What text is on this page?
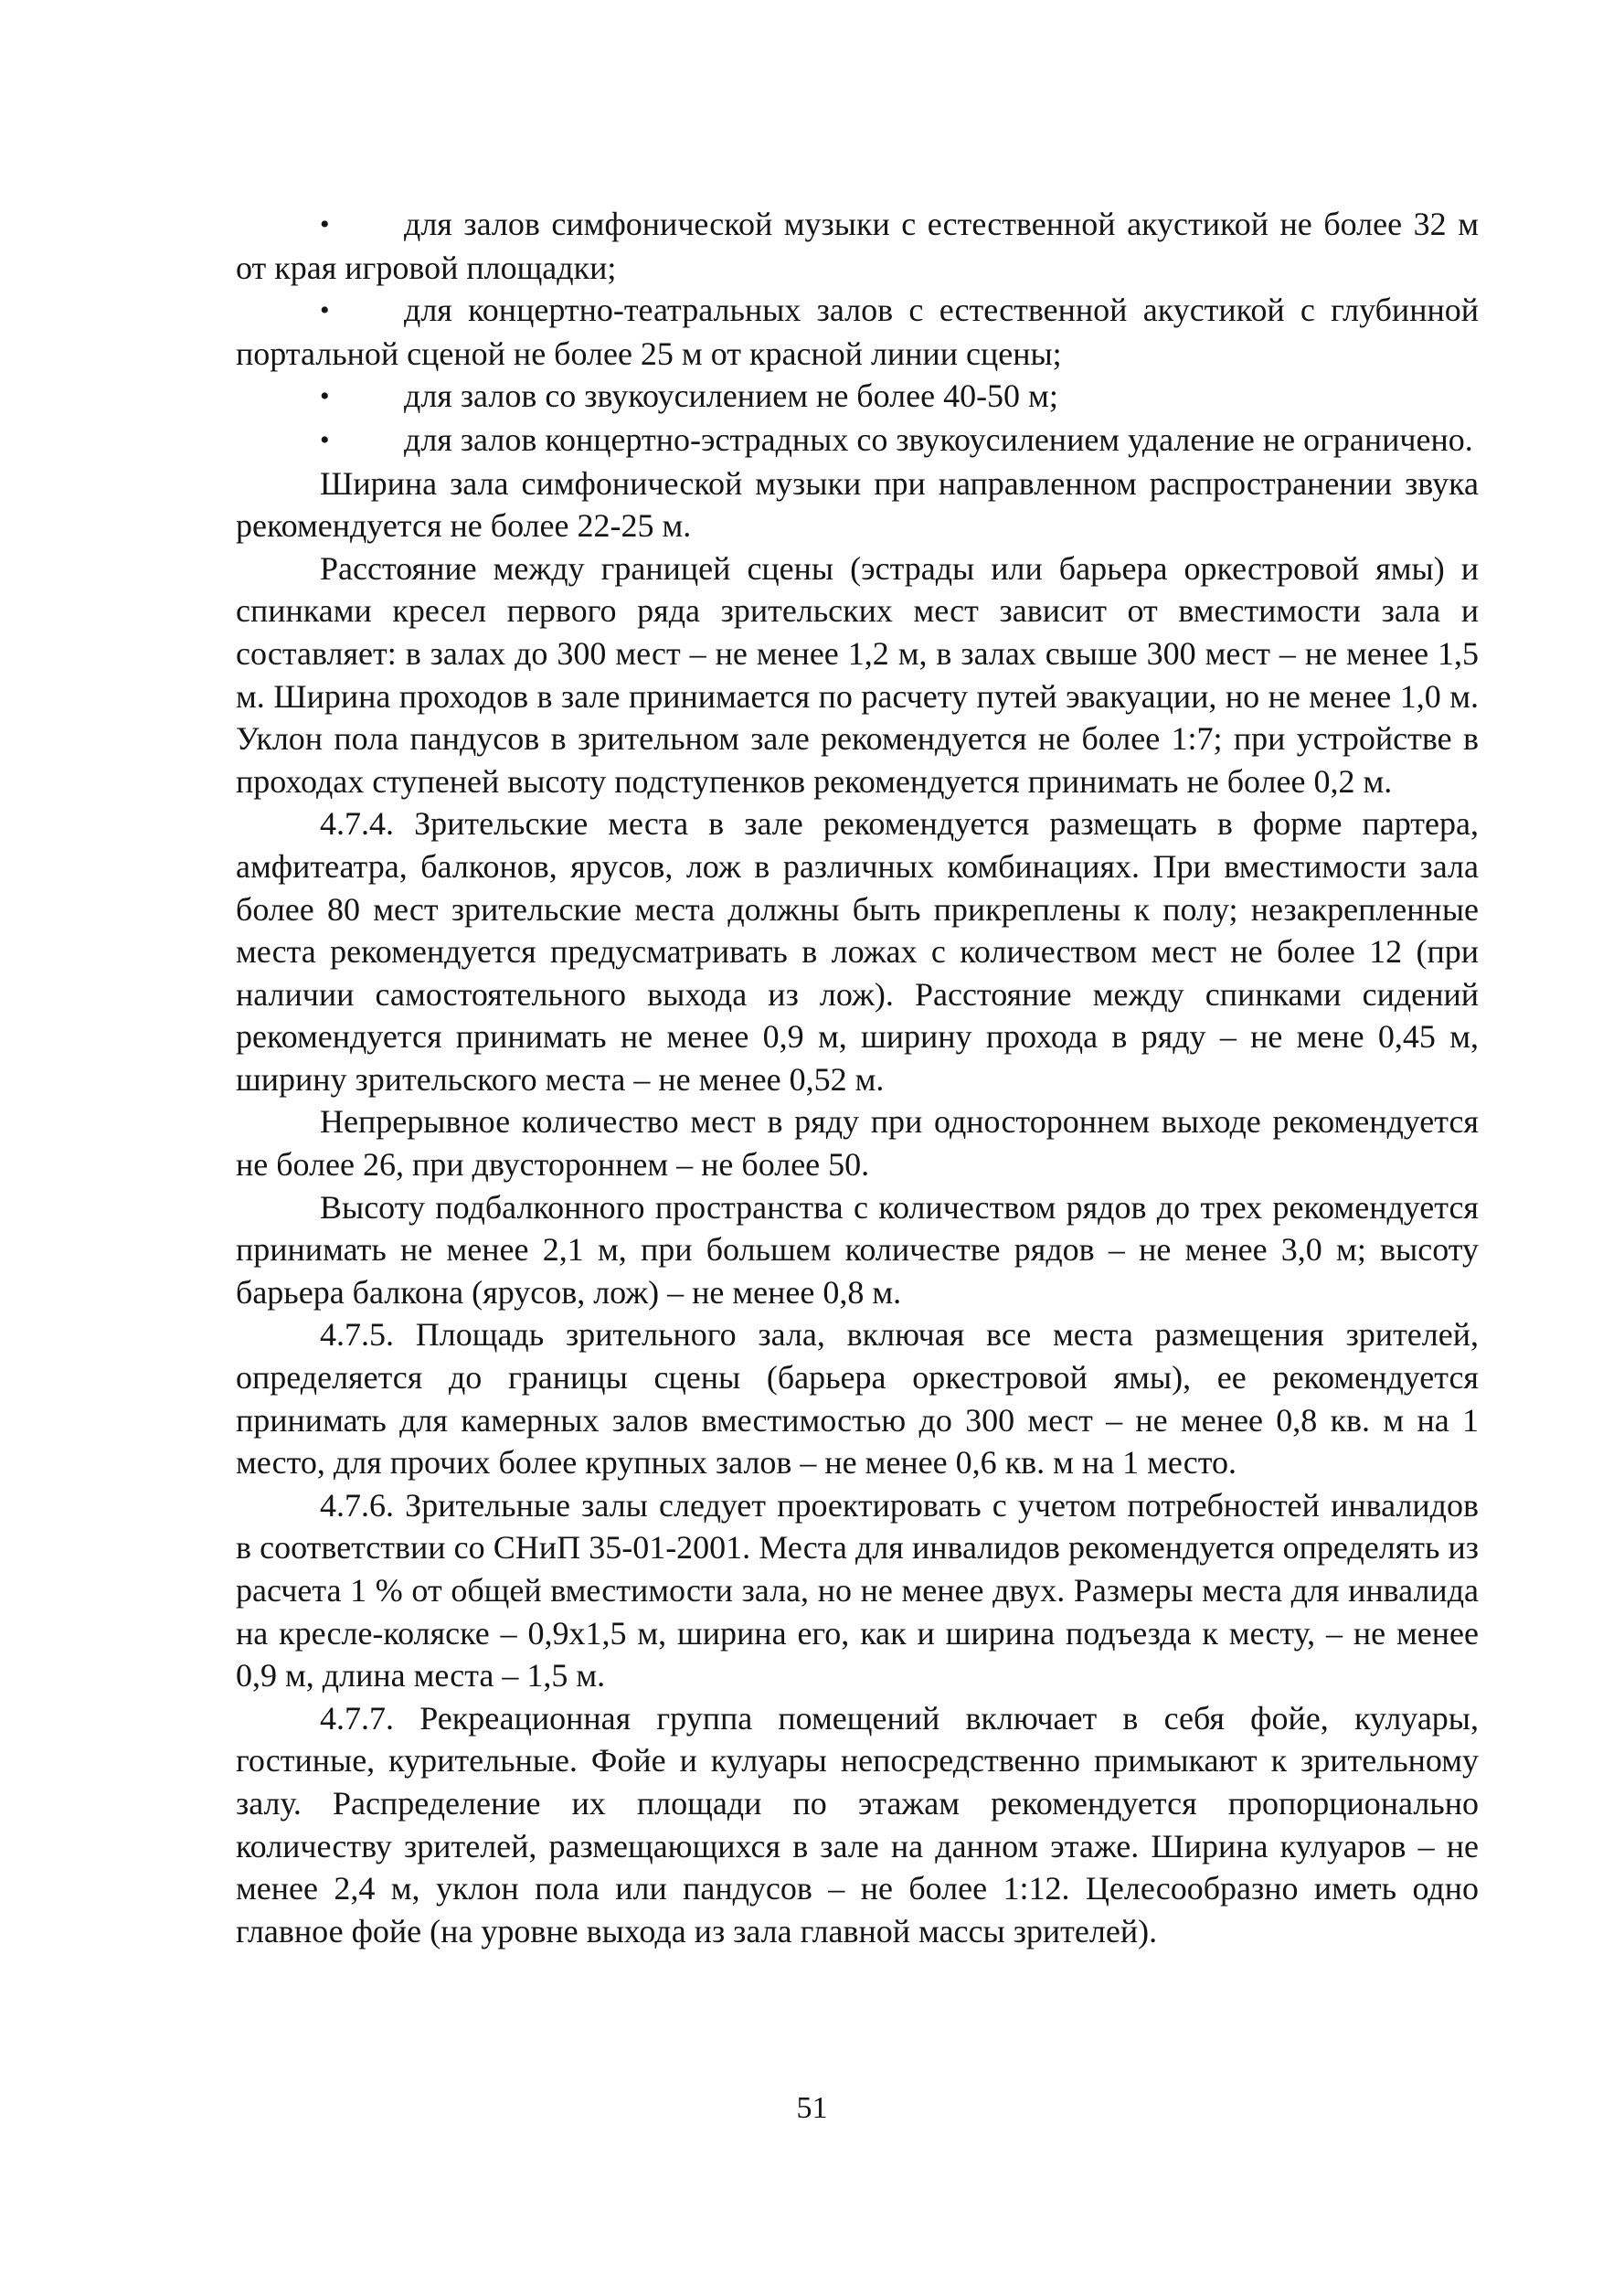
• для залов симфонической музыки с естественной акустикой не более 32 м от края игровой площадки;

• для концертно-театральных залов с естественной акустикой с глубинной портальной сценой не более 25 м от красной линии сцены;

• для залов со звукоусилением не более 40-50 м;

• для залов концертно-эстрадных со звукоусилением удаление не ограничено.

Ширина зала симфонической музыки при направленном распространении звука рекомендуется не более 22-25 м.

Расстояние между границей сцены (эстрады или барьера оркестровой ямы) и спинками кресел первого ряда зрительских мест зависит от вместимости зала и составляет: в залах до 300 мест – не менее 1,2 м, в залах свыше 300 мест – не менее 1,5 м. Ширина проходов в зале принимается по расчету путей эвакуации, но не менее 1,0 м. Уклон пола пандусов в зрительном зале рекомендуется не более 1:7; при устройстве в проходах ступеней высоту подступенков рекомендуется принимать не более 0,2 м.

4.7.4. Зрительские места в зале рекомендуется размещать в форме партера, амфитеатра, балконов, ярусов, лож в различных комбинациях. При вместимости зала более 80 мест зрительские места должны быть прикреплены к полу; незакрепленные места рекомендуется предусматривать в ложах с количеством мест не более 12 (при наличии самостоятельного выхода из лож). Расстояние между спинками сидений рекомендуется принимать не менее 0,9 м, ширину прохода в ряду – не мене 0,45 м, ширину зрительского места – не менее 0,52 м.

Непрерывное количество мест в ряду при одностороннем выходе рекомендуется не более 26, при двустороннем – не более 50.

Высоту подбалконного пространства с количеством рядов до трех рекомендуется принимать не менее 2,1 м, при большем количестве рядов – не менее 3,0 м; высоту барьера балкона (ярусов, лож) – не менее 0,8 м.

4.7.5. Площадь зрительного зала, включая все места размещения зрителей, определяется до границы сцены (барьера оркестровой ямы), ее рекомендуется принимать для камерных залов вместимостью до 300 мест – не менее 0,8 кв. м на 1 место, для прочих более крупных залов – не менее 0,6 кв. м на 1 место.

4.7.6. Зрительные залы следует проектировать с учетом потребностей инвалидов в соответствии со СНиП 35-01-2001. Места для инвалидов рекомендуется определять из расчета 1 % от общей вместимости зала, но не менее двух. Размеры места для инвалида на кресле-коляске – 0,9х1,5 м, ширина его, как и ширина подъезда к месту, – не менее 0,9 м, длина места – 1,5 м.

4.7.7. Рекреационная группа помещений включает в себя фойе, кулуары, гостиные, курительные. Фойе и кулуары непосредственно примыкают к зрительному залу. Распределение их площади по этажам рекомендуется пропорционально количеству зрителей, размещающихся в зале на данном этаже. Ширина кулуаров – не менее 2,4 м, уклон пола или пандусов – не более 1:12. Целесообразно иметь одно главное фойе (на уровне выхода из зала главной массы зрителей).

51
